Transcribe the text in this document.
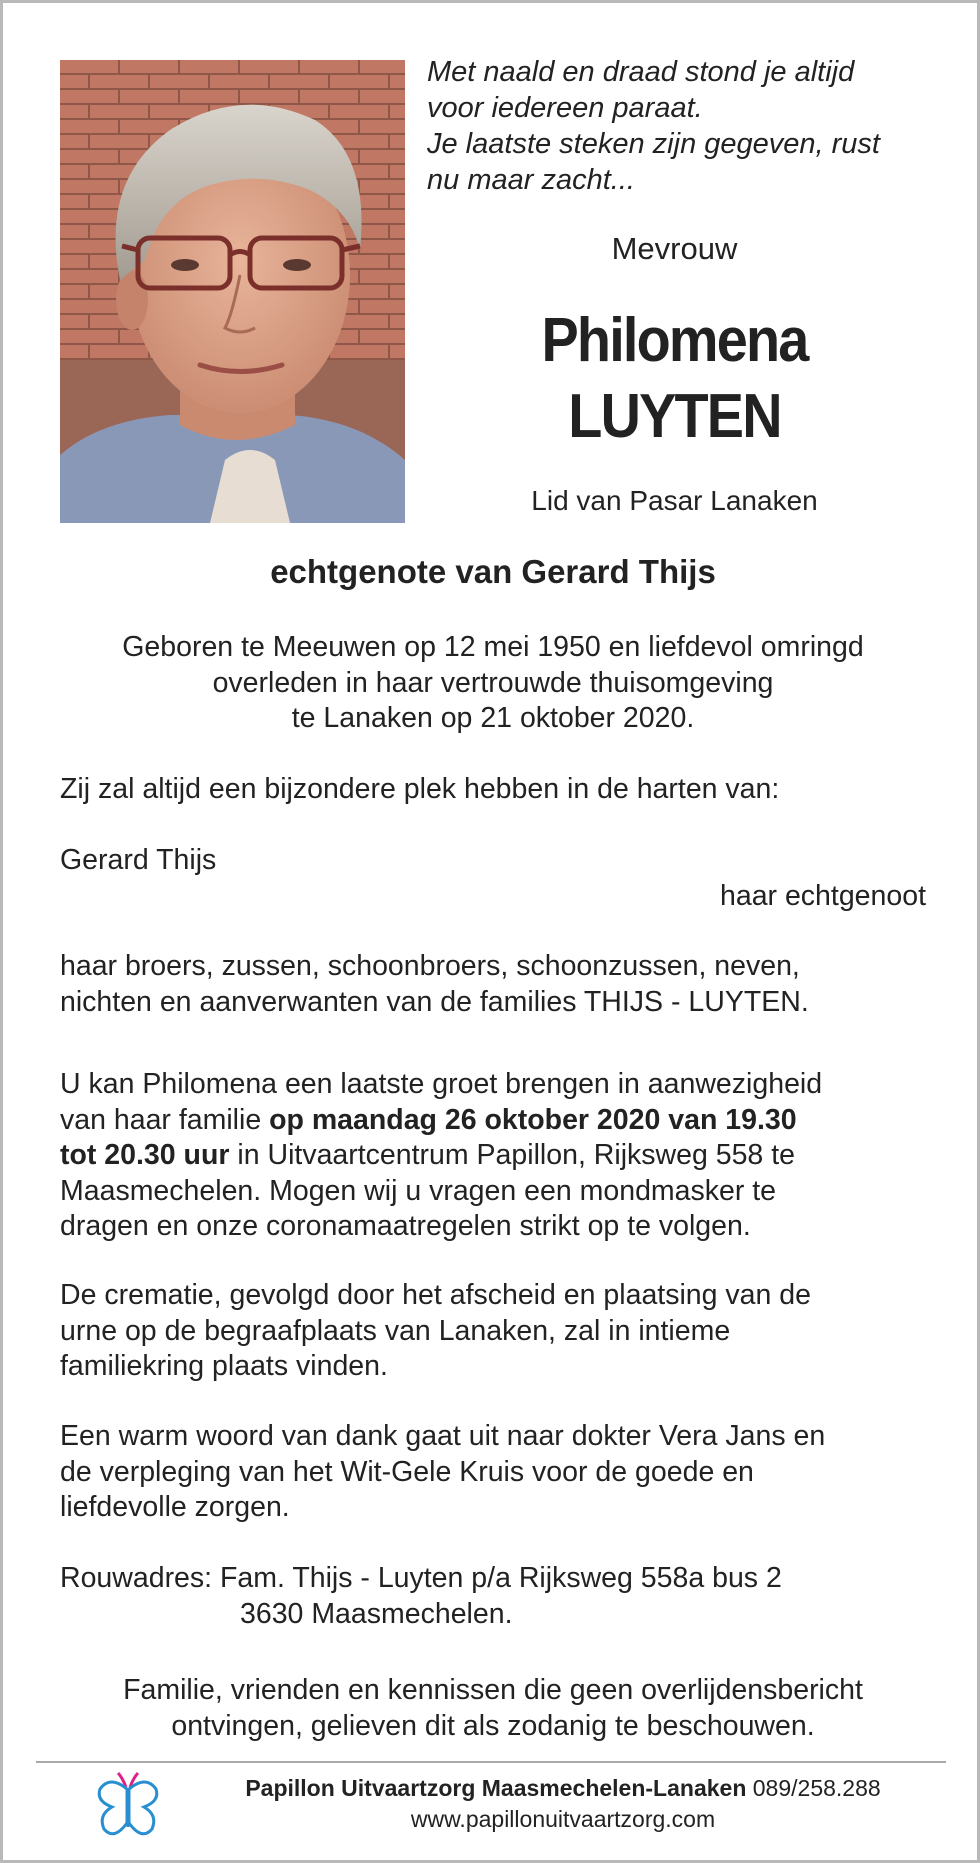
Met naald en draad stond je altijd
voor iedereen paraat.
Je laatste steken zijn gegeven, rust
nu maar zacht...
Mevrouw
Philomena
LUYTEN
Lid van Pasar Lanaken
echtgenote van Gerard Thijs
Geboren te Meeuwen op 12 mei 1950 en liefdevol omringd
overleden in haar vertrouwde thuisomgeving
te Lanaken op 21 oktober 2020.
Zij zal altijd een bijzondere plek hebben in de harten van:
Gerard Thijs
haar echtgenoot
haar broers, zussen, schoonbroers, schoonzussen, neven,
nichten en aanverwanten van de families THIJS - LUYTEN.
U kan Philomena een laatste groet brengen in aanwezigheid
van haar familie op maandag 26 oktober 2020 van 19.30
tot 20.30 uur in Uitvaartcentrum Papillon, Rijksweg 558 te
Maasmechelen. Mogen wij u vragen een mondmasker te
dragen en onze coronamaatregelen strikt op te volgen.
De crematie, gevolgd door het afscheid en plaatsing van de
urne op de begraafplaats van Lanaken, zal in intieme
familiekring plaats vinden.
Een warm woord van dank gaat uit naar dokter Vera Jans en
de verpleging van het Wit-Gele Kruis voor de goede en
liefdevolle zorgen.
Rouwadres: Fam. Thijs - Luyten p/a Rijksweg 558a bus 2
3630 Maasmechelen.
Familie, vrienden en kennissen die geen overlijdensbericht
ontvingen, gelieven dit als zodanig te beschouwen.
Papillon Uitvaartzorg Maasmechelen-Lanaken 089/258.288
www.papillonuitvaartzorg.com
